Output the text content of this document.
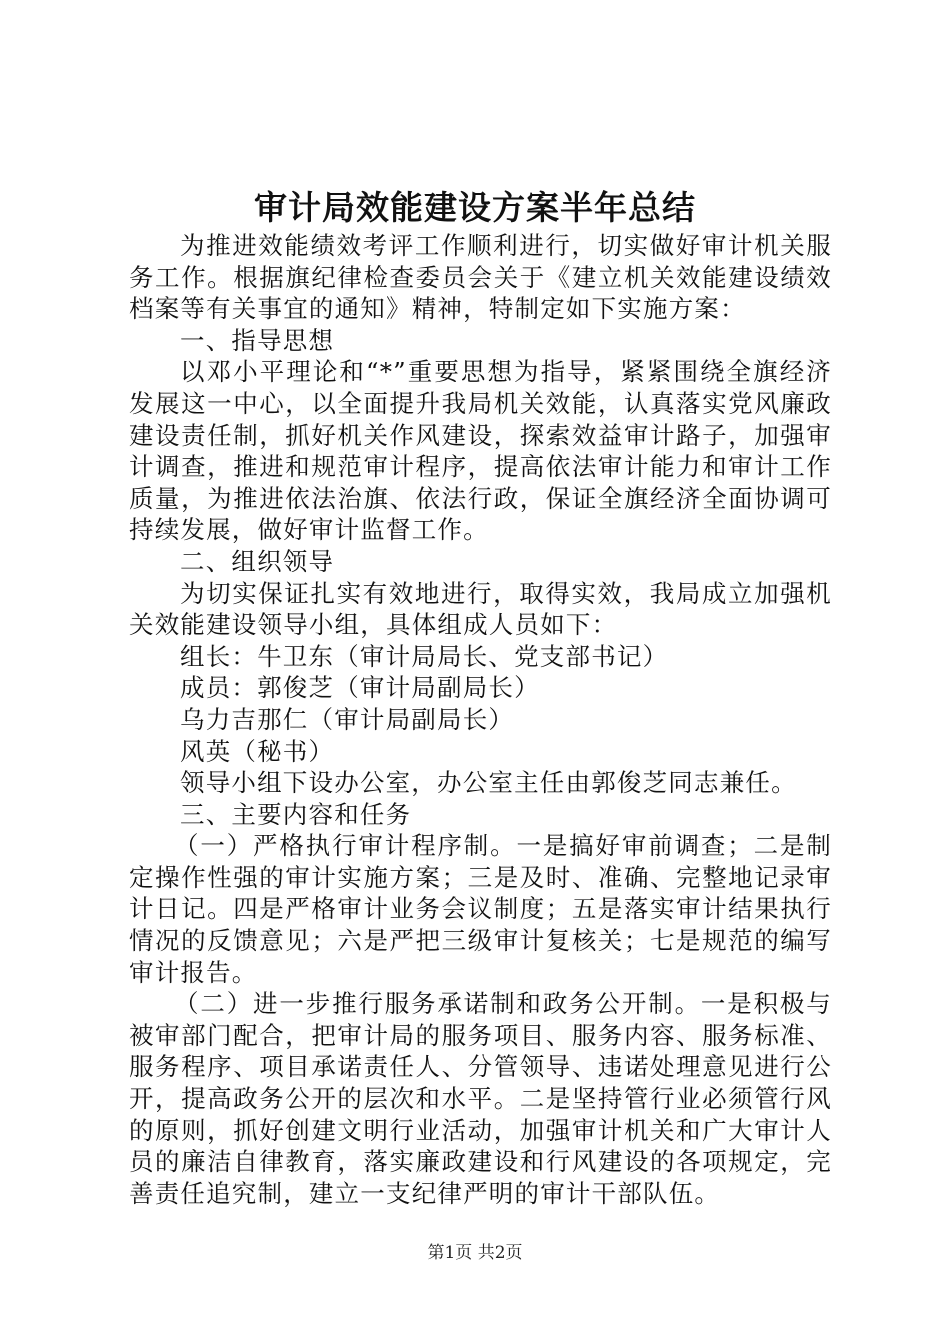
审计局效能建设方案半年总结

为推进效能绩效考评工作顺利进行，切实做好审计机关服务工作。根据旗纪律检查委员会关于《建立机关效能建设绩效档案等有关事宜的通知》精神，特制定如下实施方案：

一、指导思想

以邓小平理论和“*”重要思想为指导，紧紧围绕全旗经济发展这一中心，以全面提升我局机关效能，认真落实党风廉政建设责任制，抓好机关作风建设，探索效益审计路子，加强审计调查，推进和规范审计程序，提高依法审计能力和审计工作质量，为推进依法治旗、依法行政，保证全旗经济全面协调可持续发展，做好审计监督工作。

二、组织领导

为切实保证扎实有效地进行，取得实效，我局成立加强机关效能建设领导小组，具体组成人员如下：

组长：牛卫东（审计局局长、党支部书记）

成员：郭俊芝（审计局副局长）

乌力吉那仁（审计局副局长）

风英（秘书）

领导小组下设办公室，办公室主任由郭俊芝同志兼任。

三、主要内容和任务

（一）严格执行审计程序制。一是搞好审前调查；二是制定操作性强的审计实施方案；三是及时、准确、完整地记录审计日记。四是严格审计业务会议制度；五是落实审计结果执行情况的反馈意见；六是严把三级审计复核关；七是规范的编写审计报告。

（二）进一步推行服务承诺制和政务公开制。一是积极与被审部门配合，把审计局的服务项目、服务内容、服务标准、服务程序、项目承诺责任人、分管领导、违诺处理意见进行公开，提高政务公开的层次和水平。二是坚持管行业必须管行风的原则，抓好创建文明行业活动，加强审计机关和广大审计人员的廉洁自律教育，落实廉政建设和行风建设的各项规定，完善责任追究制，建立一支纪律严明的审计干部队伍。

第1页 共2页
